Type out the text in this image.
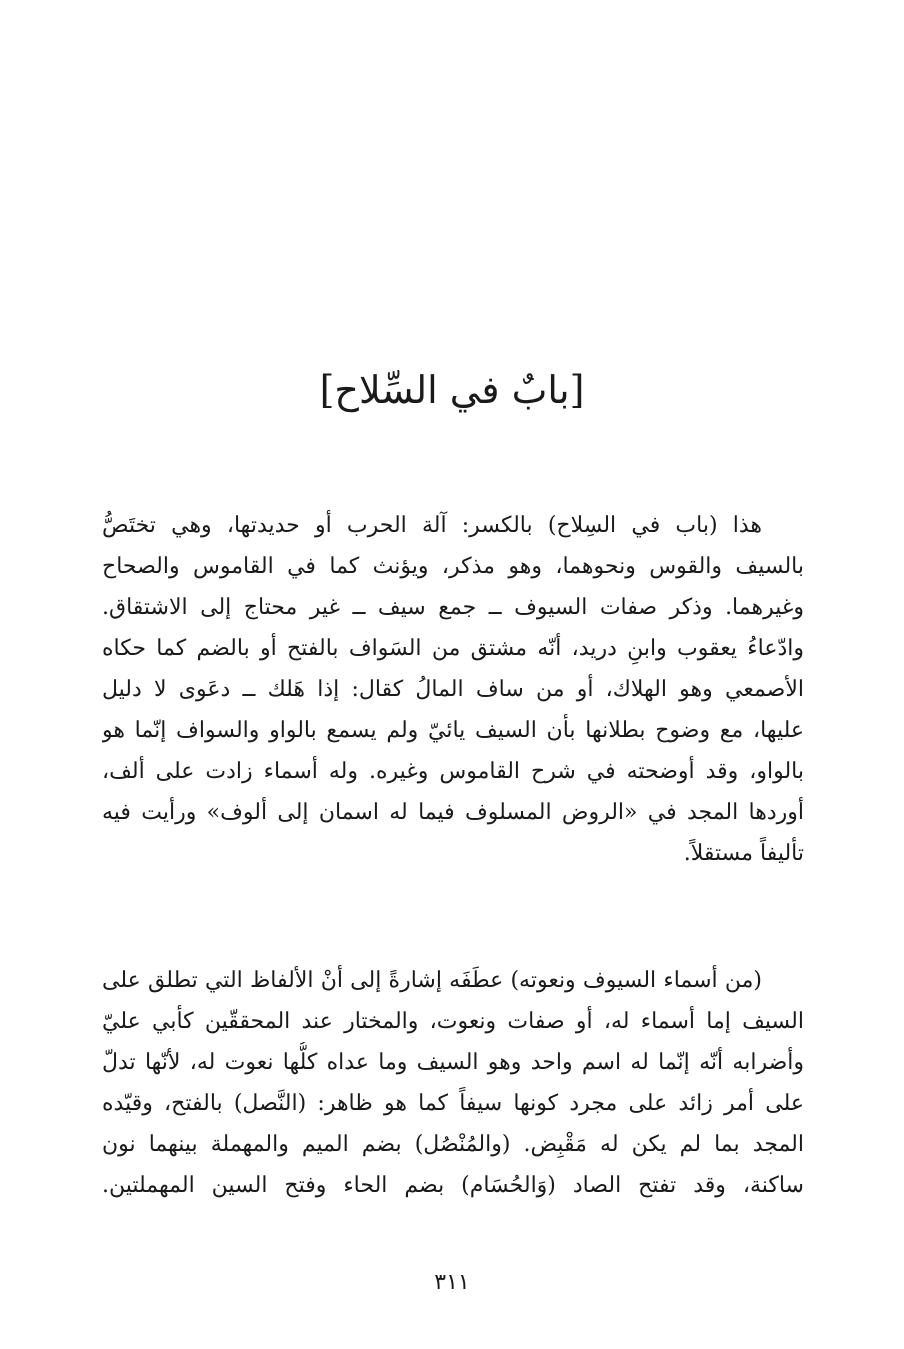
[بابٌ في السِّلاح]
هذا (باب في السِلاح) بالكسر: آلة الحرب أو حديدتها، وهي تختَصُّ
بالسيف والقوس ونحوهما، وهو مذكر، ويؤنث كما في القاموس والصحاح
وغيرهما. وذكر صفات السيوف ــ جمع سيف ــ غير محتاج إلى الاشتقاق.
وادّعاءُ يعقوب وابنِ دريد، أنّه مشتق من السَواف بالفتح أو بالضم كما حكاه
الأصمعي وهو الهلاك، أو من ساف المالُ كقال: إذا هَلك ــ دعَوى لا دليل
عليها، مع وضوح بطلانها بأن السيف يائيّ ولم يسمع بالواو والسواف إنّما هو
بالواو، وقد أوضحته في شرح القاموس وغيره. وله أسماء زادت على ألف،
أوردها المجد في «الروض المسلوف فيما له اسمان إلى ألوف» ورأيت فيه
تأليفاً مستقلاً.
(من أسماء السيوف ونعوته) عطَفَه إشارةً إلى أنْ الألفاظ التي تطلق على
السيف إما أسماء له، أو صفات ونعوت، والمختار عند المحققّين كأبي عليّ
وأضرابه أنّه إنّما له اسم واحد وهو السيف وما عداه كلُّها نعوت له، لأنّها تدلّ
على أمر زائد على مجرد كونها سيفاً كما هو ظاهر: (النَّصل) بالفتح، وقيّده
المجد بما لم يكن له مَقْبِض. (والمُنْصُل) بضم الميم والمهملة بينهما نون
ساكنة، وقد تفتح الصاد (وَالحُسَام) بضم الحاء وفتح السين المهملتين.
٣١١
